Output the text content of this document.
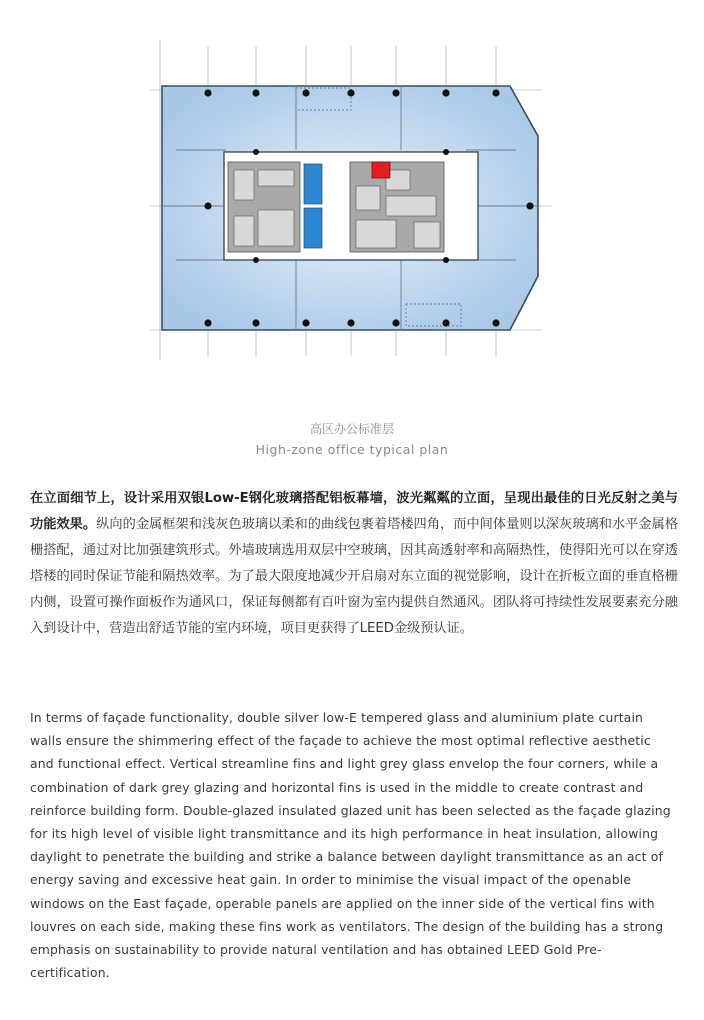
高区办公标准层
High-zone office typical plan

在立面细节上，设计采用双银Low-E钢化玻璃搭配铝板幕墙，波光粼粼的立面，呈现出最佳的日光反射之美与功能效果。纵向的金属框架和浅灰色玻璃以柔和的曲线包裹着塔楼四角，而中间体量则以深灰玻璃和水平金属格栅搭配，通过对比加强建筑形式。外墙玻璃选用双层中空玻璃，因其高透射率和高隔热性，使得阳光可以在穿透塔楼的同时保证节能和隔热效率。为了最大限度地减少开启扇对东立面的视觉影响，设计在折板立面的垂直格栅内侧，设置可操作面板作为通风口，保证每侧都有百叶窗为室内提供自然通风。团队将可持续性发展要素充分融入到设计中，营造出舒适节能的室内环境，项目更获得了LEED金级预认证。

In terms of façade functionality, double silver low-E tempered glass and aluminium plate curtain walls ensure the shimmering effect of the façade to achieve the most optimal reflective aesthetic and functional effect. Vertical streamline fins and light grey glass envelop the four corners, while a combination of dark grey glazing and horizontal fins is used in the middle to create contrast and reinforce building form. Double-glazed insulated glazed unit has been selected as the façade glazing for its high level of visible light transmittance and its high performance in heat insulation, allowing daylight to penetrate the building and strike a balance between daylight transmittance as an act of energy saving and excessive heat gain. In order to minimise the visual impact of the openable windows on the East façade, operable panels are applied on the inner side of the vertical fins with louvres on each side, making these fins work as ventilators. The design of the building has a strong emphasis on sustainability to provide natural ventilation and has obtained LEED Gold Pre-certification.
